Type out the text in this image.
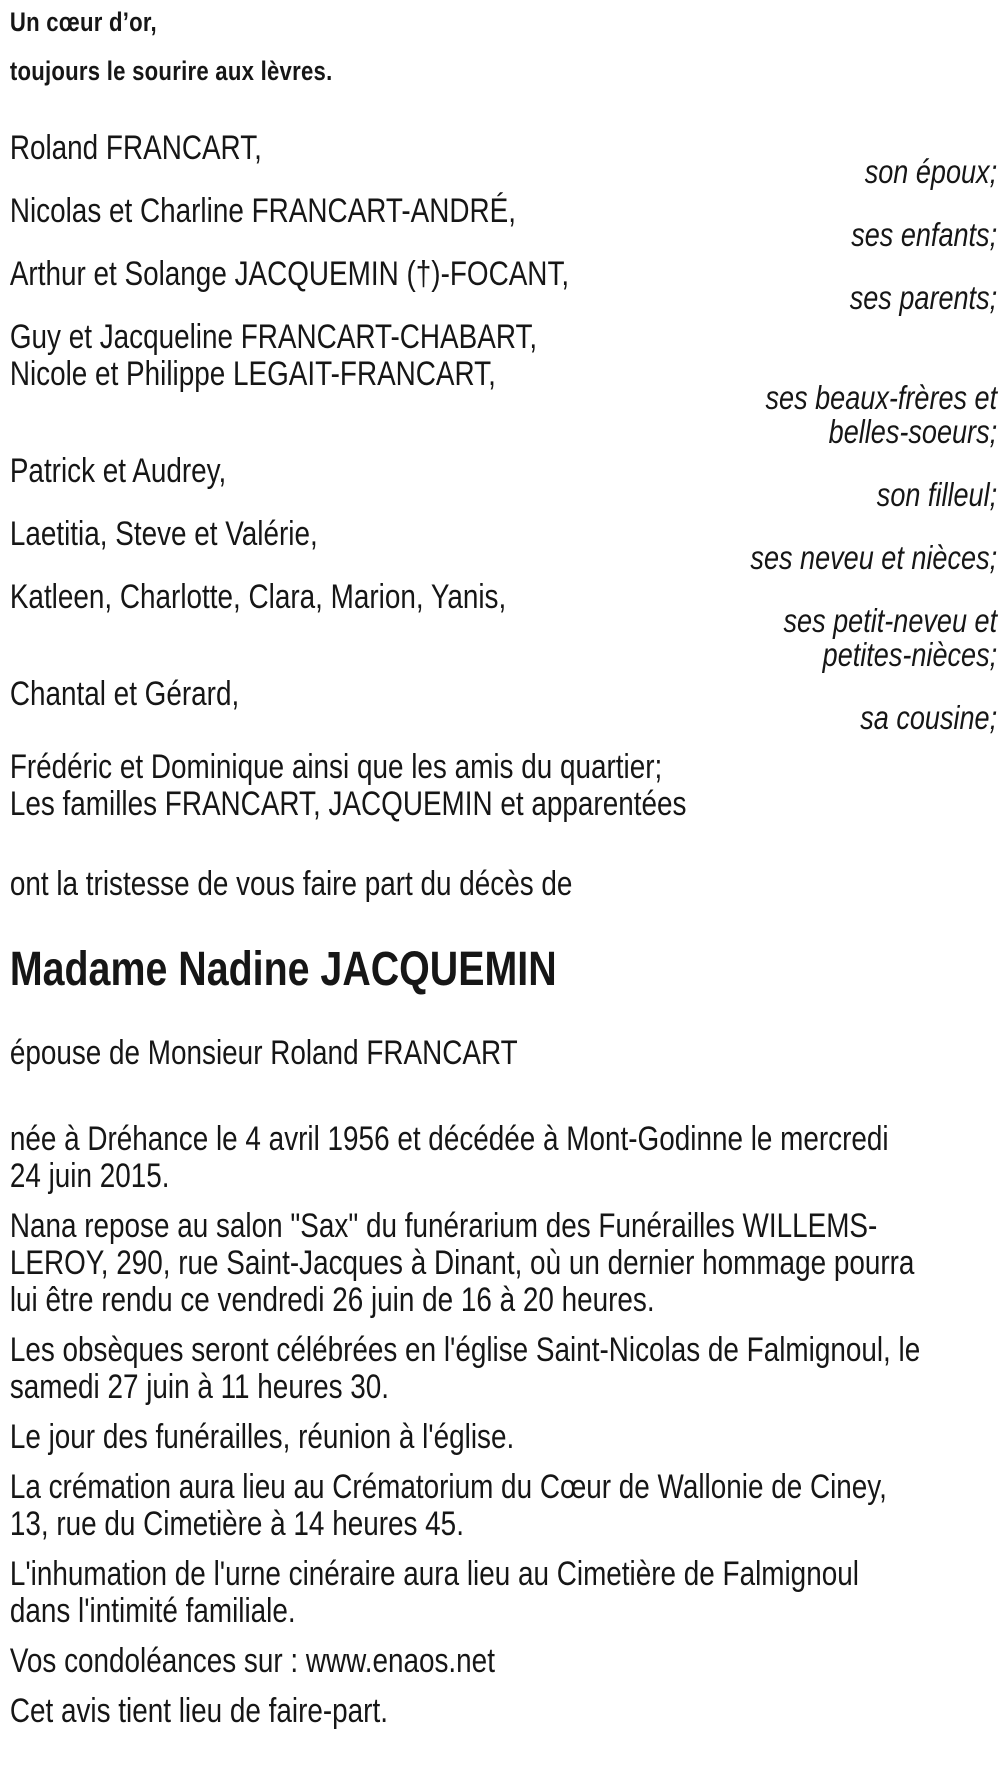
Un cœur d’or,
toujours le sourire aux lèvres.
Roland FRANCART,
son époux;
Nicolas et Charline FRANCART-ANDRÉ,
ses enfants;
Arthur et Solange JACQUEMIN (†)-FOCANT,
ses parents;
Guy et Jacqueline FRANCART-CHABART,
Nicole et Philippe LEGAIT-FRANCART,
ses beaux-frères et
belles-soeurs;
Patrick et Audrey,
son filleul;
Laetitia, Steve et Valérie,
ses neveu et nièces;
Katleen, Charlotte, Clara, Marion, Yanis,
ses petit-neveu et
petites-nièces;
Chantal et Gérard,
sa cousine;
Frédéric et Dominique ainsi que les amis du quartier;
Les familles FRANCART, JACQUEMIN et apparentées

ont la tristesse de vous faire part du décès de

Madame Nadine JACQUEMIN

épouse de Monsieur Roland FRANCART

née à Dréhance le 4 avril 1956 et décédée à Mont-Godinne le mercredi
24 juin 2015.

Nana repose au salon "Sax" du funérarium des Funérailles WILLEMS-
LEROY, 290, rue Saint-Jacques à Dinant, où un dernier hommage pourra
lui être rendu ce vendredi 26 juin de 16 à 20 heures.

Les obsèques seront célébrées en l'église Saint-Nicolas de Falmignoul, le
samedi 27 juin à 11 heures 30.

Le jour des funérailles, réunion à l'église.

La crémation aura lieu au Crématorium du Cœur de Wallonie de Ciney,
13, rue du Cimetière à 14 heures 45.

L'inhumation de l'urne cinéraire aura lieu au Cimetière de Falmignoul
dans l'intimité familiale.

Vos condoléances sur : www.enaos.net

Cet avis tient lieu de faire-part.
